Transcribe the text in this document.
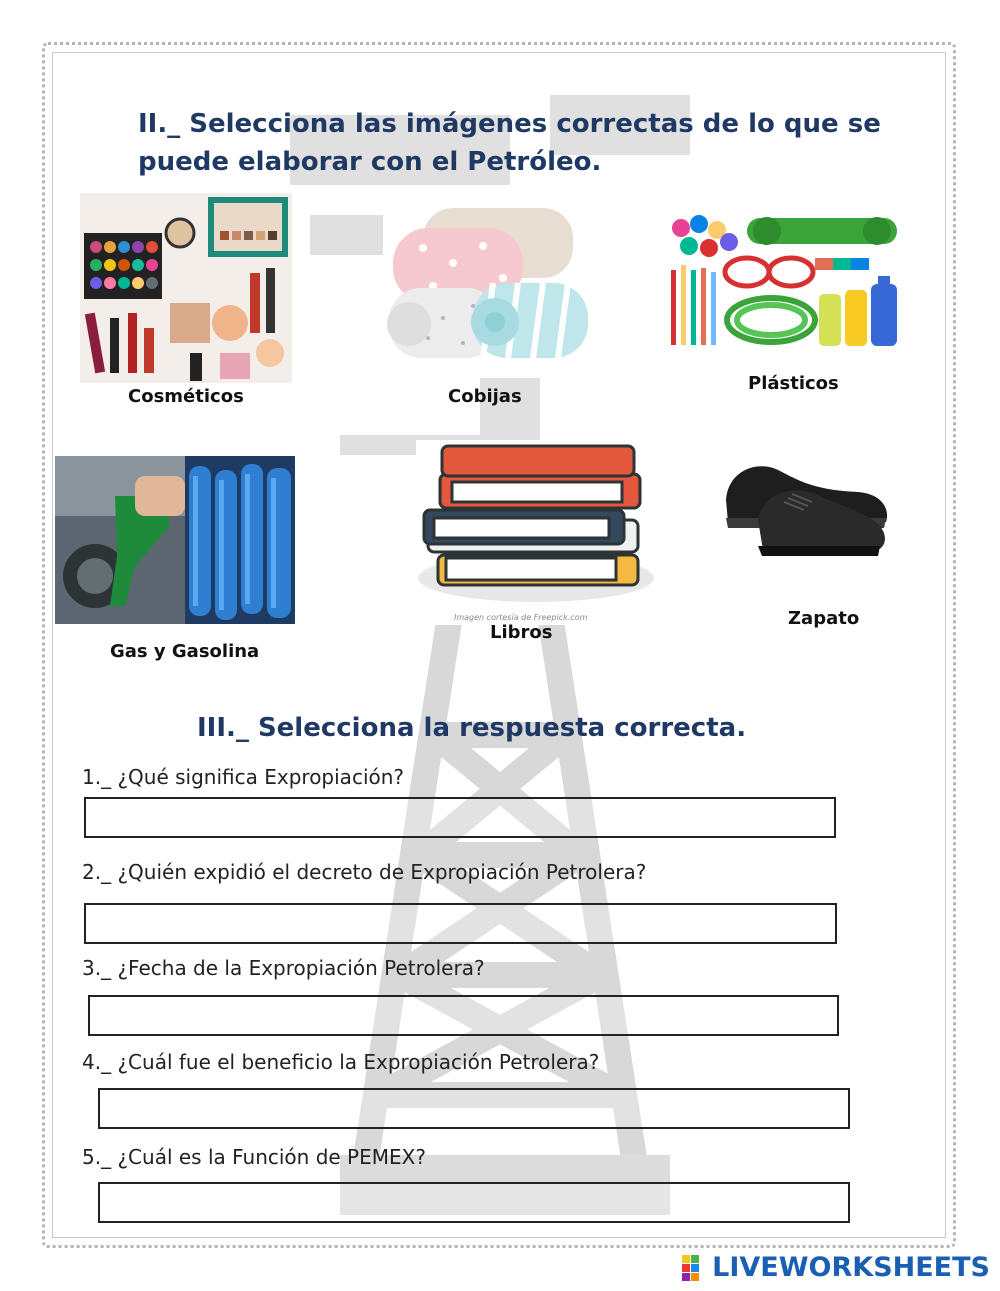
II._ Selecciona las imágenes correctas de lo que se
puede elaborar con el Petróleo.
Cosméticos	Cobijas
Plásticos
Gas y Gasolina
Imagen cortesía de Freepick.com
Libros
Zapato
III._ Selecciona la respuesta correcta.
1._ ¿Qué significa Expropiación?
2._ ¿Quién expidió el decreto de Expropiación Petrolera?
3._ ¿Fecha de la Expropiación Petrolera?
4._ ¿Cuál fue el beneficio la Expropiación Petrolera?
5._ ¿Cuál es la Función de PEMEX?
LIVEWORKSHEETS
